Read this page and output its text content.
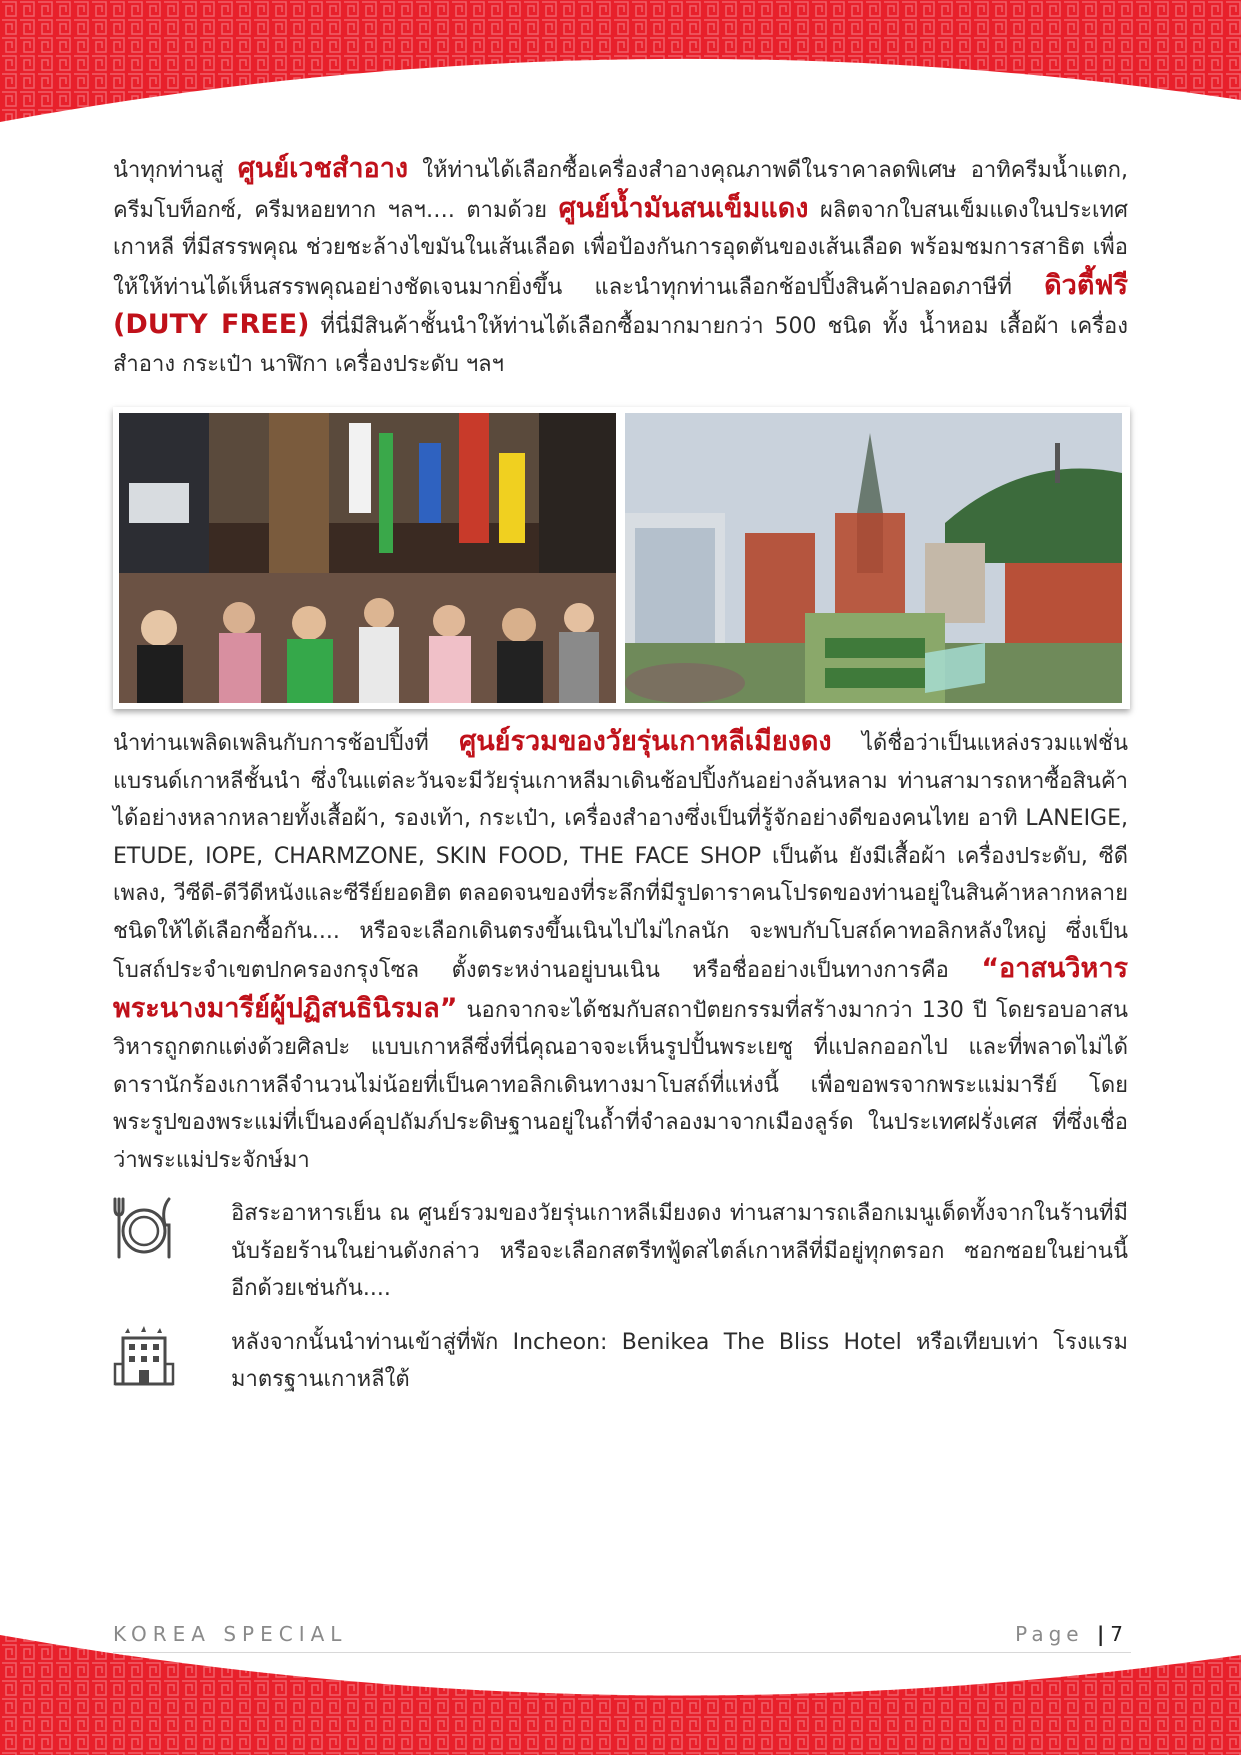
นำทุกท่านสู่ ศูนย์เวชสำอาง ให้ท่านได้เลือกซื้อเครื่องสำอางคุณภาพดีในราคาลดพิเศษ อาทิครีมน้ำแตก, ครีมโบท็อกซ์, ครีมหอยทาก ฯลฯ…. ตามด้วย ศูนย์น้ำมันสนเข็มแดง ผลิตจากใบสนเข็มแดงในประเทศเกาหลี ที่มีสรรพคุณ ช่วยชะล้างไขมันในเส้นเลือด เพื่อป้องกันการอุดตันของเส้นเลือด พร้อมชมการสาธิต เพื่อให้ให้ท่านได้เห็นสรรพคุณอย่างชัดเจนมากยิ่งขึ้น และนำทุกท่านเลือกช้อปปิ้งสินค้าปลอดภาษีที่ ดิวตี้ฟรี (DUTY FREE) ที่นี่มีสินค้าชั้นนำให้ท่านได้เลือกซื้อมากมายกว่า 500 ชนิด ทั้ง น้ำหอม เสื้อผ้า เครื่องสำอาง กระเป๋า นาฬิกา เครื่องประดับ ฯลฯ

นำท่านเพลิดเพลินกับการช้อปปิ้งที่ ศูนย์รวมของวัยรุ่นเกาหลีเมียงดง ได้ชื่อว่าเป็นแหล่งรวมแฟชั่นแบรนด์เกาหลีชั้นนำ ซึ่งในแต่ละวันจะมีวัยรุ่นเกาหลีมาเดินช้อปปิ้งกันอย่างล้นหลาม ท่านสามารถหาซื้อสินค้าได้อย่างหลากหลายทั้งเสื้อผ้า, รองเท้า, กระเป๋า, เครื่องสำอางซึ่งเป็นที่รู้จักอย่างดีของคนไทย อาทิ LANEIGE, ETUDE, IOPE, CHARMZONE, SKIN FOOD, THE FACE SHOP เป็นต้น ยังมีเสื้อผ้า เครื่องประดับ, ซีดีเพลง, วีซีดี-ดีวีดีหนังและซีรีย์ยอดฮิต ตลอดจนของที่ระลึกที่มีรูปดาราคนโปรดของท่านอยู่ในสินค้าหลากหลายชนิดให้ได้เลือกซื้อกัน.... หรือจะเลือกเดินตรงขึ้นเนินไปไม่ไกลนัก จะพบกับโบสถ์คาทอลิกหลังใหญ่ ซึ่งเป็นโบสถ์ประจำเขตปกครองกรุงโซล ตั้งตระหง่านอยู่บนเนิน หรือชื่ออย่างเป็นทางการคือ “อาสนวิหารพระนางมารีย์ผู้ปฏิสนธินิรมล” นอกจากจะได้ชมกับสถาปัตยกรรมที่สร้างมากว่า 130 ปี โดยรอบอาสนวิหารถูกตกแต่งด้วยศิลปะ แบบเกาหลีซึ่งที่นี่คุณอาจจะเห็นรูปปั้นพระเยซู ที่แปลกออกไป และที่พลาดไม่ได้ ดารานักร้องเกาหลีจำนวนไม่น้อยที่เป็นคาทอลิกเดินทางมาโบสถ์ที่แห่งนี้ เพื่อขอพรจากพระแม่มารีย์ โดยพระรูปของพระแม่ที่เป็นองค์อุปถัมภ์ประดิษฐานอยู่ในถ้ำที่จำลองมาจากเมืองลูร์ด ในประเทศฝรั่งเศส ที่ซึ่งเชื่อว่าพระแม่ประจักษ์มา

อิสระอาหารเย็น ณ ศูนย์รวมของวัยรุ่นเกาหลีเมียงดง ท่านสามารถเลือกเมนูเด็ดทั้งจากในร้านที่มีนับร้อยร้านในย่านดังกล่าว หรือจะเลือกสตรีทฟู้ดสไตล์เกาหลีที่มีอยู่ทุกตรอก ซอกซอยในย่านนี้อีกด้วยเช่นกัน....

หลังจากนั้นนำท่านเข้าสู่ที่พัก Incheon: Benikea The Bliss Hotel หรือเทียบเท่า โรงแรมมาตรฐานเกาหลีใต้

KOREA SPECIAL	Page | 7
